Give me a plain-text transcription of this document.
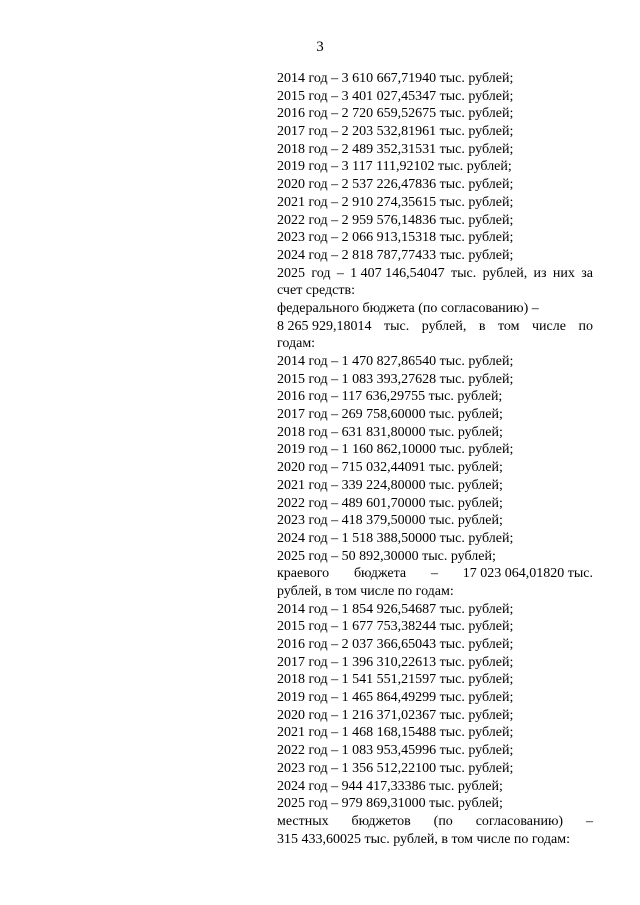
3
2014 год – 3 610 667,71940 тыс. рублей;
2015 год – 3 401 027,45347 тыс. рублей;
2016 год – 2 720 659,52675 тыс. рублей;
2017 год – 2 203 532,81961 тыс. рублей;
2018 год – 2 489 352,31531 тыс. рублей;
2019 год – 3 117 111,92102 тыс. рублей;
2020 год – 2 537 226,47836 тыс. рублей;
2021 год – 2 910 274,35615 тыс. рублей;
2022 год – 2 959 576,14836 тыс. рублей;
2023 год – 2 066 913,15318 тыс. рублей;
2024 год – 2 818 787,77433 тыс. рублей;
2025 год – 1 407 146,54047 тыс. рублей, из них за
счет средств:
федерального бюджета (по согласованию) –
8 265 929,18014 тыс. рублей, в том числе по
годам:
2014 год – 1 470 827,86540 тыс. рублей;
2015 год – 1 083 393,27628 тыс. рублей;
2016 год – 117 636,29755 тыс. рублей;
2017 год – 269 758,60000 тыс. рублей;
2018 год – 631 831,80000 тыс. рублей;
2019 год – 1 160 862,10000 тыс. рублей;
2020 год – 715 032,44091 тыс. рублей;
2021 год – 339 224,80000 тыс. рублей;
2022 год – 489 601,70000 тыс. рублей;
2023 год – 418 379,50000 тыс. рублей;
2024 год – 1 518 388,50000 тыс. рублей;
2025 год – 50 892,30000 тыс. рублей;
краевого бюджета – 17 023 064,01820 тыс.
рублей, в том числе по годам:
2014 год – 1 854 926,54687 тыс. рублей;
2015 год – 1 677 753,38244 тыс. рублей;
2016 год – 2 037 366,65043 тыс. рублей;
2017 год – 1 396 310,22613 тыс. рублей;
2018 год – 1 541 551,21597 тыс. рублей;
2019 год – 1 465 864,49299 тыс. рублей;
2020 год – 1 216 371,02367 тыс. рублей;
2021 год – 1 468 168,15488 тыс. рублей;
2022 год – 1 083 953,45996 тыс. рублей;
2023 год – 1 356 512,22100 тыс. рублей;
2024 год – 944 417,33386 тыс. рублей;
2025 год – 979 869,31000 тыс. рублей;
местных бюджетов (по согласованию) –
315 433,60025 тыс. рублей, в том числе по годам:
